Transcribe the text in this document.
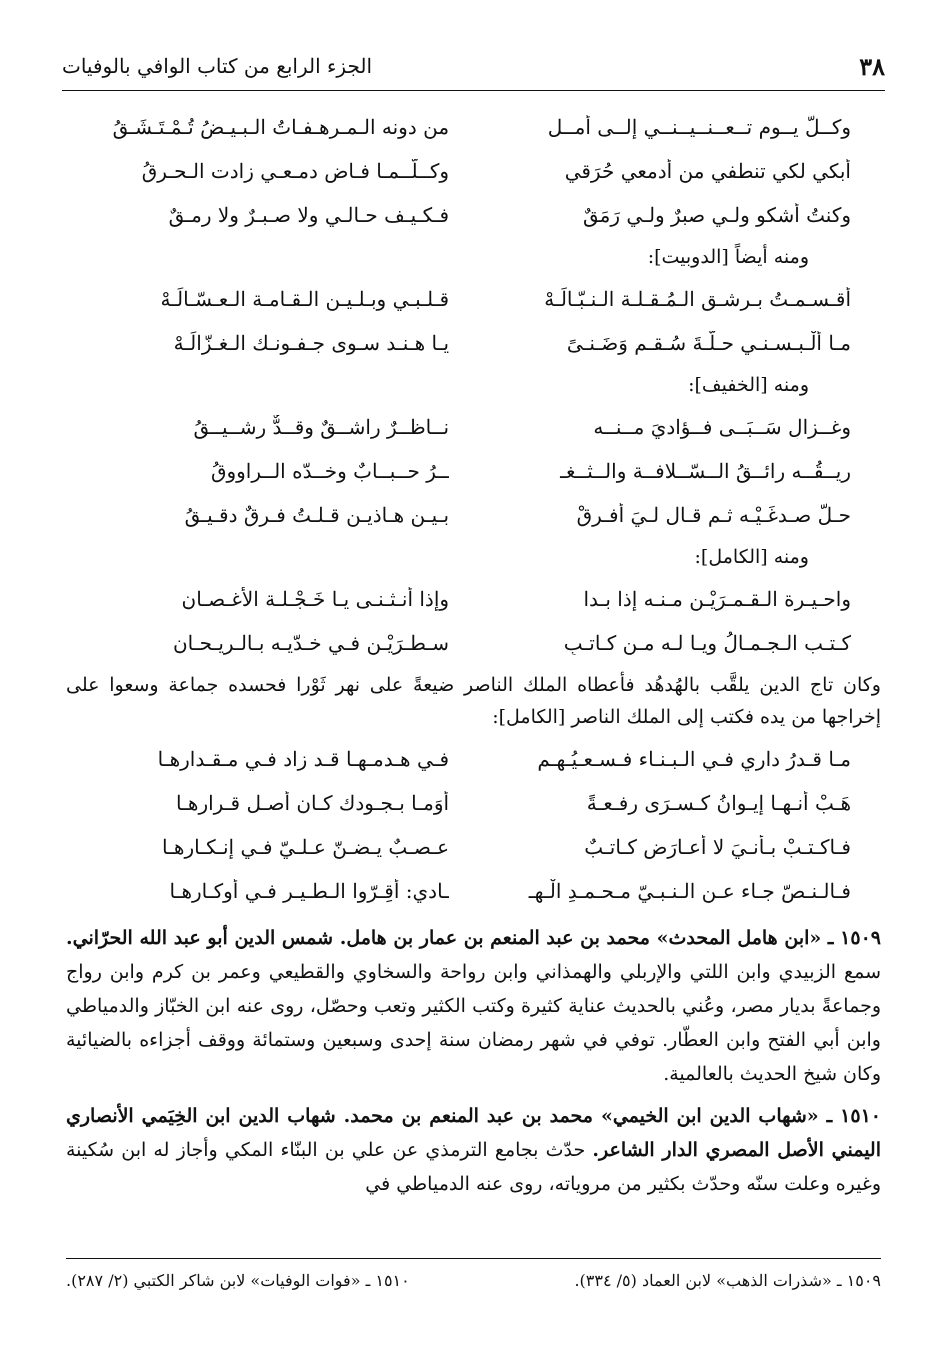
٣٨
الجزء الرابع من كتاب الوافي بالوفيات
وكــلَّ يــوم تــعــنــيــنــي إلــى أمــلِ
من دونه الـمـرهـفـاتُ الـبـيـضُ تُـمْـتَـشَـقُ
أبكي لكي تنطفي من أدمعي حُرَقي
وكــلّــمـا فـاض دمـعـي زادت الـحـرقُ
وكنتُ أشكو ولـي صبرٌ ولـي رَمَقٌ
فـكـيـف حـالـي ولا صـبـرٌ ولا رمـقٌ
ومنه أيضاً [الدوبيت]:
أقـسـمـتُ بـرشـق الـمُـقـلـة الـنـبّـالَـهْ
قـلـبـي وبـلـيـن الـقـامـة الـعـسّـالَـهْ
مـا أَلْـبـسـنـي حـلّـةَ سُـقـمٍ وَضَـنـىً
يـا هـنـد سـوى جـفـونـك الـغـزّالَـهْ
ومنه [الخفيف]:
وغــزالٍ سَــبَــى فــؤاديَ مــنــه
نــاظــرٌ راشــقٌ وقــدٌّ رشــيــقُ
ريــقُــه رائــقُ الــسّــلافــة والــثــغـ
ــرُ حــبــابٌ وخــدّه الــراووقُ
حـلّ صـدغَـيْـه ثـم قـال لـيَ أفـرقْ
بـيـن هـاذيـن قـلـتُ فـرقٌ دقـيـقُ
ومنه [الكامل]:
واحـيـرة الـقـمـرَيْـن مـنـه إذا بـدا
وإذا أنـثـنـى يـا خَـجْـلـة الأغـصـانِ
كـتـب الـجـمـالُ ويـا لـه مـن كـاتـبٍ
سـطـرَيْـن فـي خـدّيـه بـالـريـحـانِ

وكان تاج الدين يلقَّب بالهُدهُد فأعطاه الملك الناصر ضيعةً على نهر ثَوْرا فحسده جماعة وسعوا على إخراجها من يده فكتب إلى الملك الناصر [الكامل]:

مـا قـدرُ داري فـي الـبـنـاء فـسـعـيُـهـم
فـي هـدمـهـا قـد زاد فـي مـقـدارِهـا
هَـبْ أنـهـا إيـوانُ كـسـرَى رفـعـةً
أوَمـا بـجـودك كـان أصـل قـرارِهـا
فـاكـتـبْ بـأنـيَ لا أُعـارَض كـاتـبٌ
عـصـبٌ يـضـنّ عـلـيّ فـي إنـكـارِهـا
فـالـنـصّ جـاء عـن الـنـبـيّ مـحـمـدِ الْـهـ
ـادي: أَقِـرّوا الـطـيـر فـي أوكـارِهـا
١٥٠٩ ـ «ابن هامل المحدث» محمد بن عبد المنعم بن عمار بن هامل. شمس الدين أبو عبد الله الحرّاني. سمع الزبيدي وابن اللتي والإربلي والهمذاني وابن رواحة والسخاوي والقطيعي وعمر بن كرم وابن رواج وجماعةً بديار مصر، وعُني بالحديث عناية كثيرة وكتب الكثير وتعب وحصّل، روى عنه ابن الخبّاز والدمياطي وابن أبي الفتح وابن العطّار. توفي في شهر رمضان سنة إحدى وسبعين وستمائة ووقف أجزاءه بالضيائية وكان شيخ الحديث بالعالمية.
١٥١٠ ـ «شهاب الدين ابن الخيمي» محمد بن عبد المنعم بن محمد. شهاب الدين ابن الخِيَمي الأنصاري اليمني الأصل المصري الدار الشاعر. حدّث بجامع الترمذي عن علي بن البنّاء المكي وأجاز له ابن سُكينة وغيره وعلت سنّه وحدّث بكثير من مروياته، روى عنه الدمياطي في
١٥٠٩ ـ «شذرات الذهب» لابن العماد (٥/ ٣٣٤).
١٥١٠ ـ «فوات الوفيات» لابن شاكر الكتبي (٢/ ٢٨٧).
